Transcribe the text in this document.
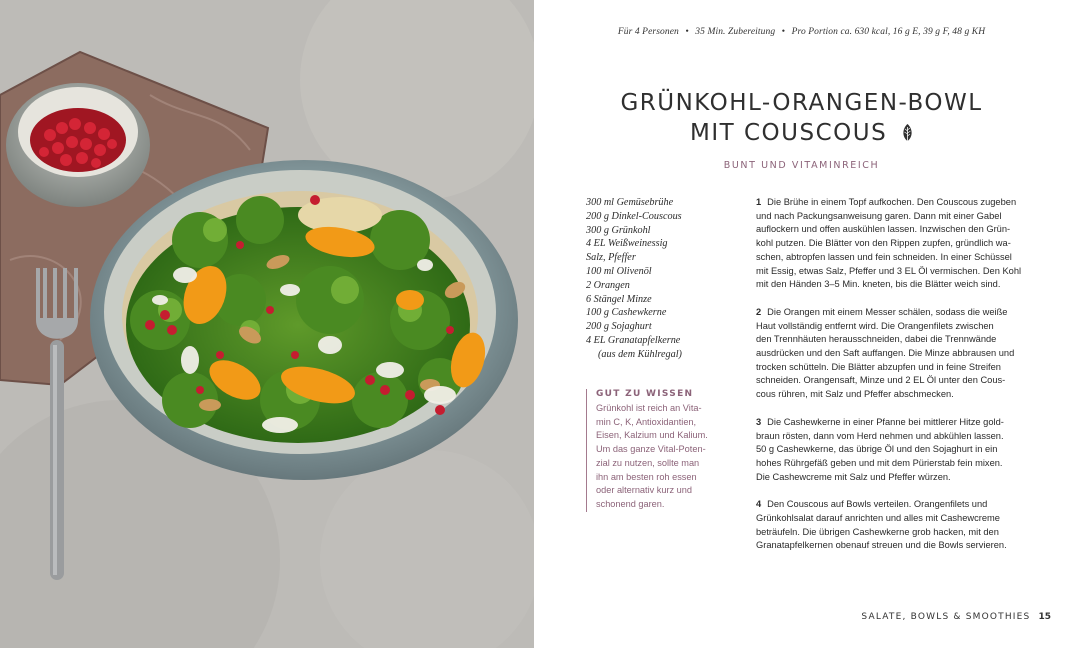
Für 4 Personen • 35 Min. Zubereitung • Pro Portion ca. 630 kcal, 16 g E, 39 g F, 48 g KH
GRÜNKOHL-ORANGEN-BOWL
MIT COUSCOUS
BUNT UND VITAMINREICH
300 ml Gemüsebrühe
200 g Dinkel-Couscous
300 g Grünkohl
4 EL Weißweinessig
Salz, Pfeffer
100 ml Olivenöl
2 Orangen
6 Stängel Minze
100 g Cashewkerne
200 g Sojaghurt
4 EL Granatapfelkerne
(aus dem Kühlregal)
GUT ZU WISSEN
Grünkohl ist reich an Vita-
min C, K, Antioxidantien,
Eisen, Kalzium und Kalium.
Um das ganze Vital-Poten-
zial zu nutzen, sollte man
ihn am besten roh essen
oder alternativ kurz und
schonend garen.

1 Die Brühe in einem Topf aufkochen. Den Couscous zugeben
und nach Packungsanweisung garen. Dann mit einer Gabel
auflockern und offen auskühlen lassen. Inzwischen den Grün-
kohl putzen. Die Blätter von den Rippen zupfen, gründlich wa-
schen, abtropfen lassen und fein schneiden. In einer Schüssel
mit Essig, etwas Salz, Pfeffer und 3 EL Öl vermischen. Den Kohl
mit den Händen 3–5 Min. kneten, bis die Blätter weich sind.

2 Die Orangen mit einem Messer schälen, sodass die weiße
Haut vollständig entfernt wird. Die Orangenfilets zwischen
den Trennhäuten herausschneiden, dabei die Trennwände
ausdrücken und den Saft auffangen. Die Minze abbrausen und
trocken schütteln. Die Blätter abzupfen und in feine Streifen
schneiden. Orangensaft, Minze und 2 EL Öl unter den Cous-
cous rühren, mit Salz und Pfeffer abschmecken.

3 Die Cashewkerne in einer Pfanne bei mittlerer Hitze gold-
braun rösten, dann vom Herd nehmen und abkühlen lassen.
50 g Cashewkerne, das übrige Öl und den Sojaghurt in ein
hohes Rührgefäß geben und mit dem Pürierstab fein mixen.
Die Cashewcreme mit Salz und Pfeffer würzen.

4 Den Couscous auf Bowls verteilen. Orangenfilets und
Grünkohlsalat darauf anrichten und alles mit Cashewcreme
beträufeln. Die übrigen Cashewkerne grob hacken, mit den
Granatapfelkernen obenauf streuen und die Bowls servieren.

SALATE, BOWLS & SMOOTHIES 15
